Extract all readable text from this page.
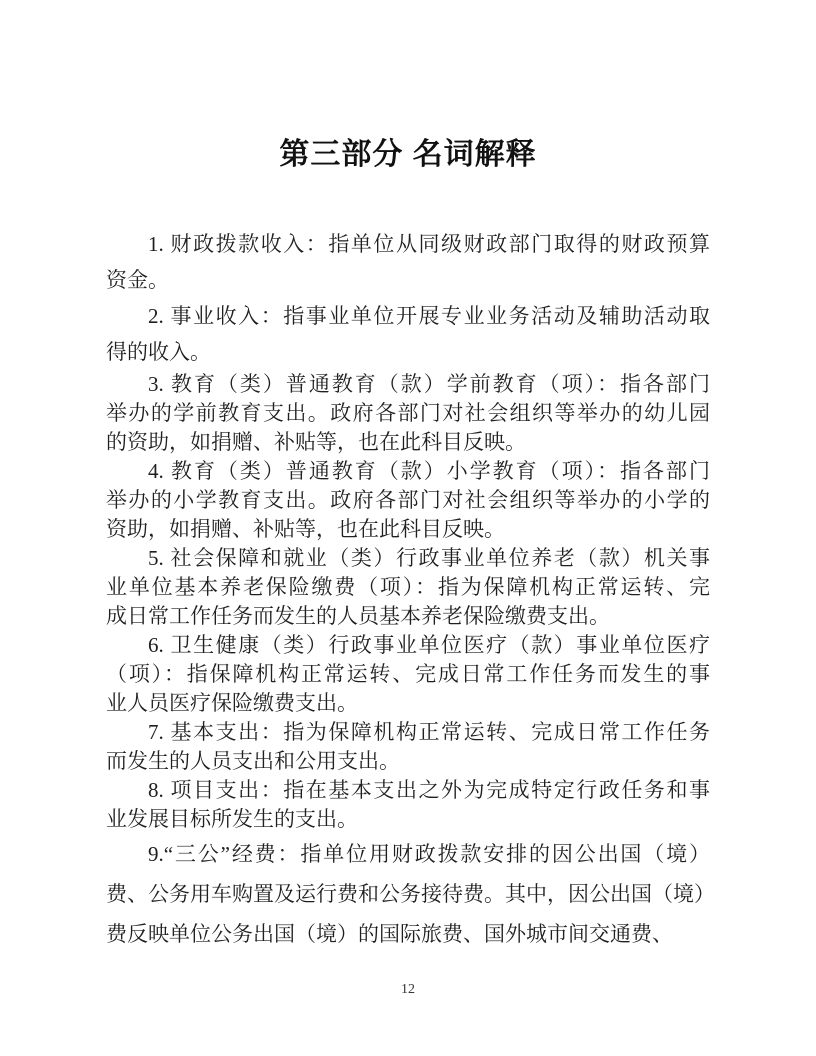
第三部分 名词解释
1. 财政拨款收入：指单位从同级财政部门取得的财政预算
资金。
2. 事业收入：指事业单位开展专业业务活动及辅助活动取
得的收入。
3. 教育（类）普通教育（款）学前教育（项）：指各部门
举办的学前教育支出。政府各部门对社会组织等举办的幼儿园
的资助，如捐赠、补贴等，也在此科目反映。
4. 教育（类）普通教育（款）小学教育（项）：指各部门
举办的小学教育支出。政府各部门对社会组织等举办的小学的
资助，如捐赠、补贴等，也在此科目反映。
5. 社会保障和就业（类）行政事业单位养老（款）机关事
业单位基本养老保险缴费（项）：指为保障机构正常运转、完
成日常工作任务而发生的人员基本养老保险缴费支出。
6. 卫生健康（类）行政事业单位医疗（款）事业单位医疗
（项）：指保障机构正常运转、完成日常工作任务而发生的事
业人员医疗保险缴费支出。
7. 基本支出：指为保障机构正常运转、完成日常工作任务
而发生的人员支出和公用支出。
8. 项目支出：指在基本支出之外为完成特定行政任务和事
业发展目标所发生的支出。
9.“三公”经费：指单位用财政拨款安排的因公出国（境）
费、公务用车购置及运行费和公务接待费。其中，因公出国（境）
费反映单位公务出国（境）的国际旅费、国外城市间交通费、
12
